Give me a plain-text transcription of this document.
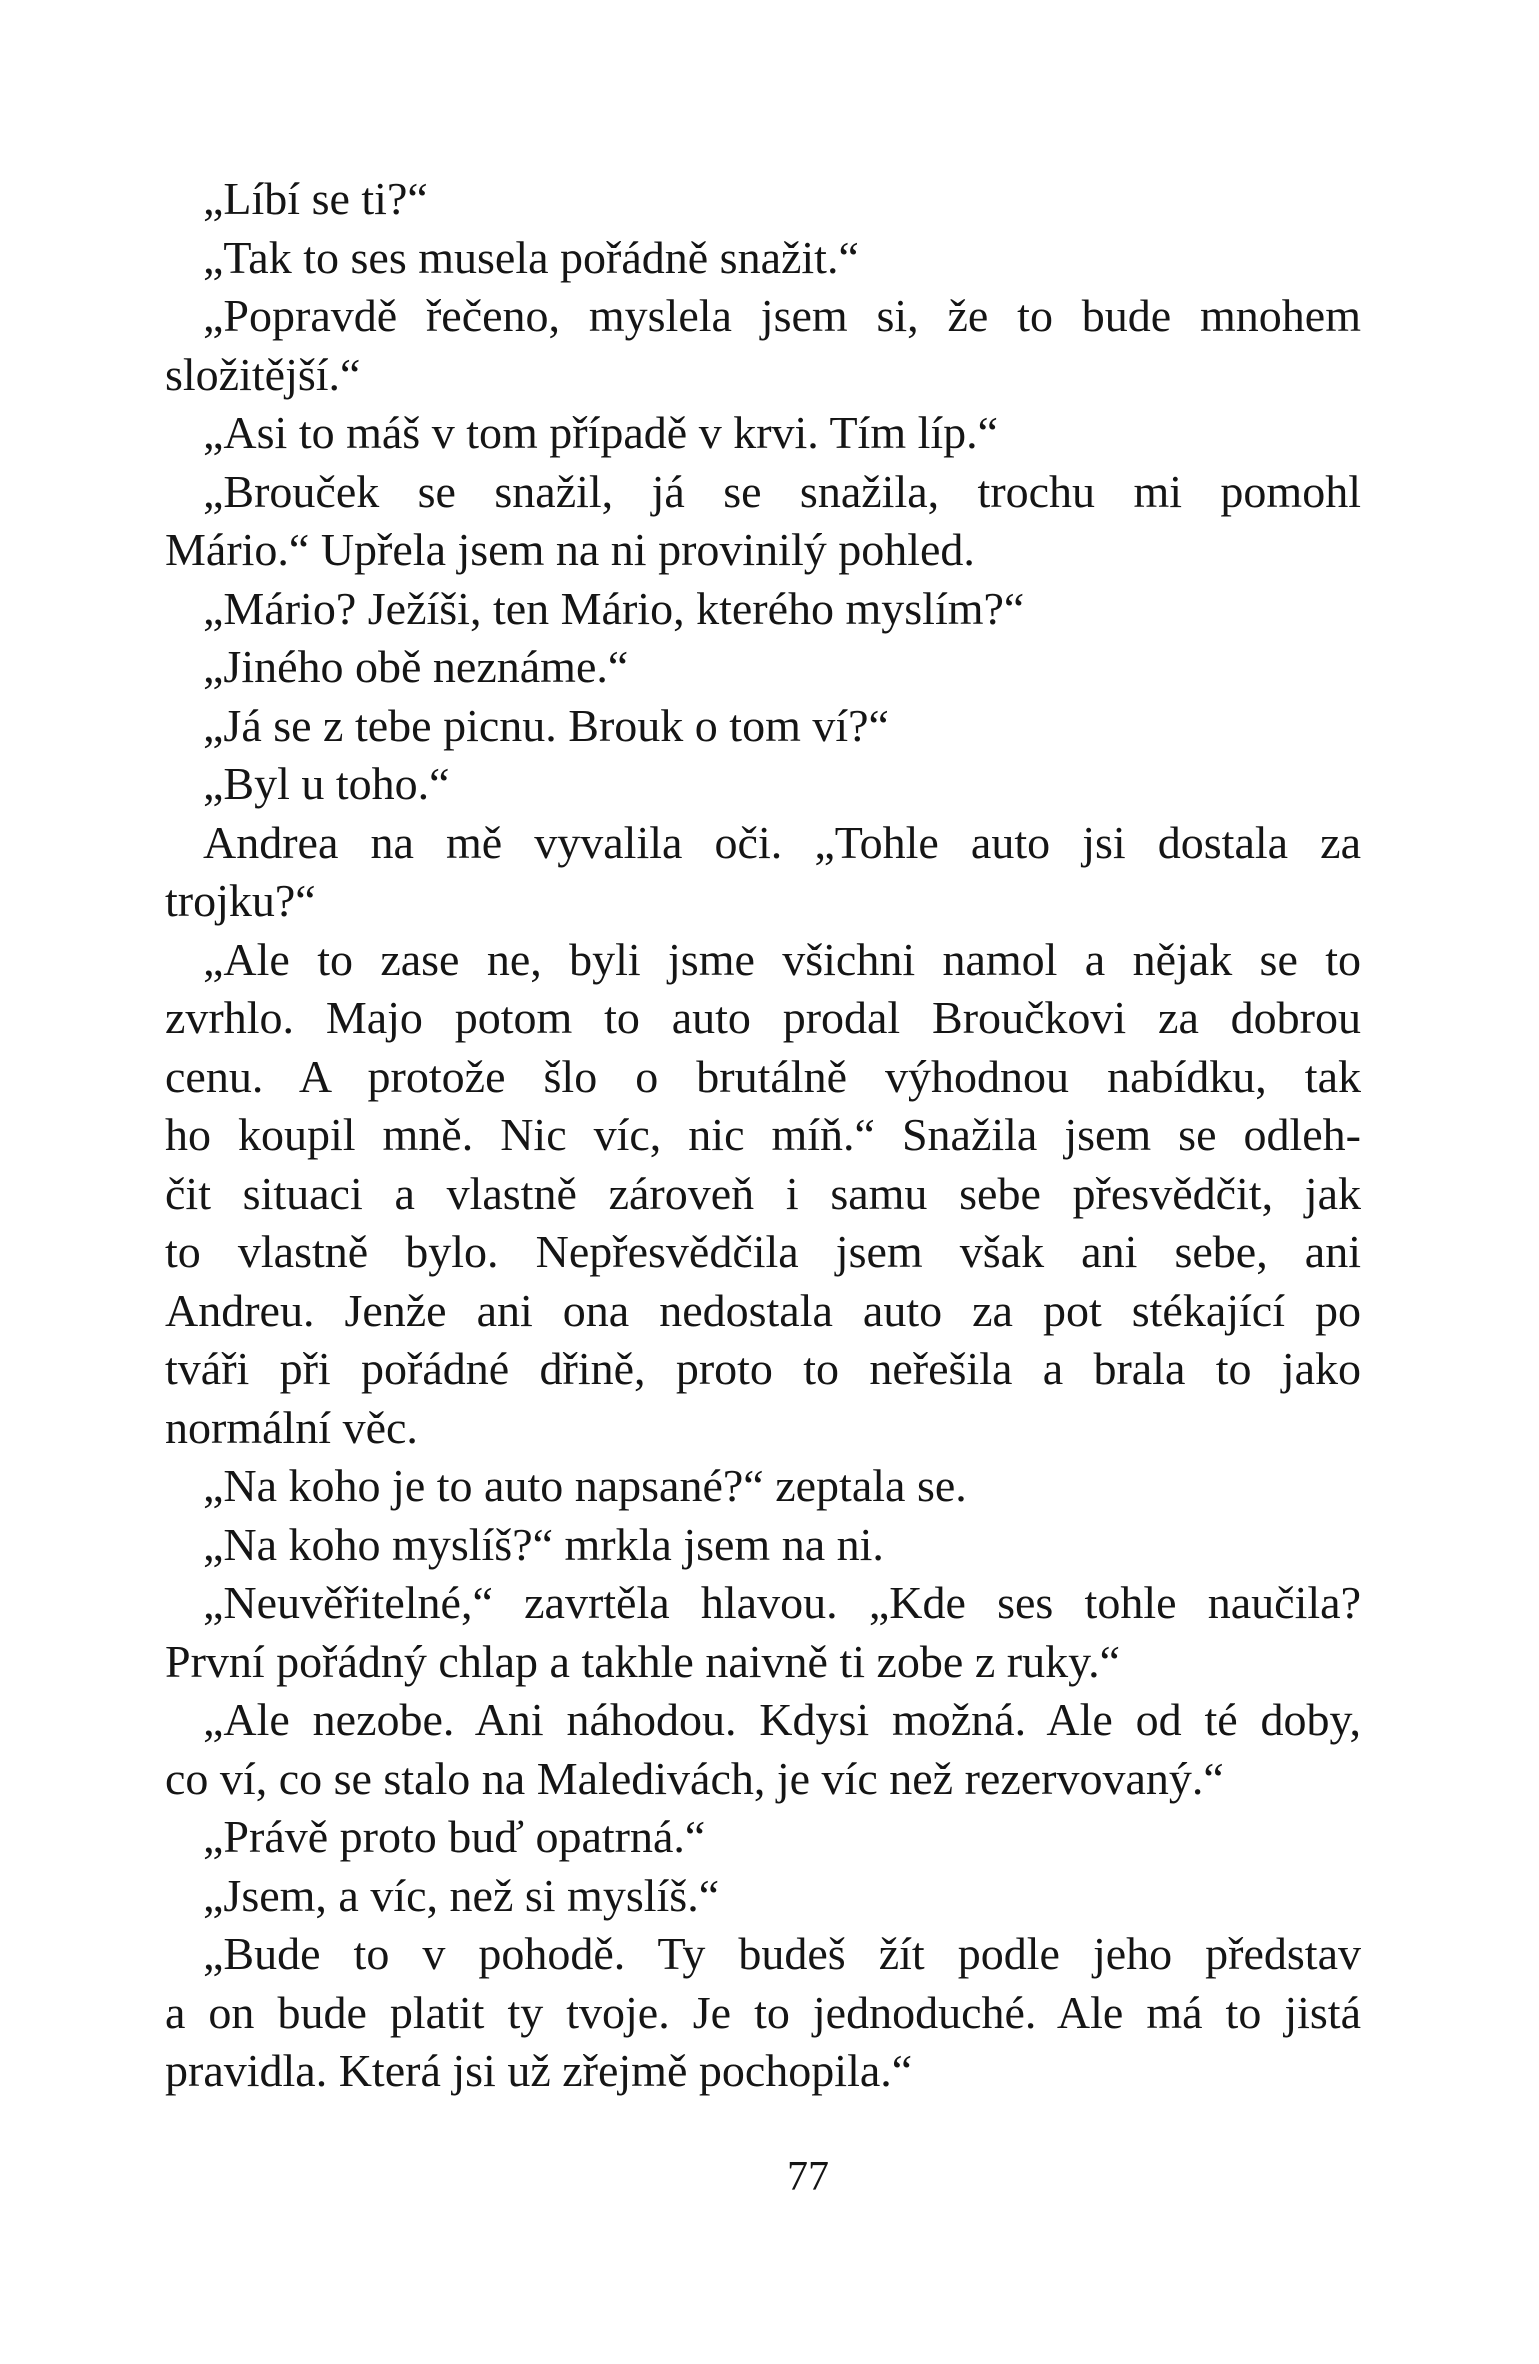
„Líbí se ti?“
„Tak to ses musela pořádně snažit.“
„Popravdě řečeno, myslela jsem si, že to bude mnohem
složitější.“
„Asi to máš v tom případě v krvi. Tím líp.“
„Brouček se snažil, já se snažila, trochu mi pomohl
Mário.“ Upřela jsem na ni provinilý pohled.
„Mário? Ježíši, ten Mário, kterého myslím?“
„Jiného obě neznáme.“
„Já se z tebe picnu. Brouk o tom ví?“
„Byl u toho.“
Andrea na mě vyvalila oči. „Tohle auto jsi dostala za
trojku?“
„Ale to zase ne, byli jsme všichni namol a nějak se to
zvrhlo. Majo potom to auto prodal Broučkovi za dobrou
cenu. A protože šlo o brutálně výhodnou nabídku, tak
ho koupil mně. Nic víc, nic míň.“ Snažila jsem se odleh-
čit situaci a vlastně zároveň i samu sebe přesvědčit, jak
to vlastně bylo. Nepřesvědčila jsem však ani sebe, ani
Andreu. Jenže ani ona nedostala auto za pot stékající po
tváři při pořádné dřině, proto to neřešila a brala to jako
normální věc.
„Na koho je to auto napsané?“ zeptala se.
„Na koho myslíš?“ mrkla jsem na ni.
„Neuvěřitelné,“ zavrtěla hlavou. „Kde ses tohle naučila?
První pořádný chlap a takhle naivně ti zobe z ruky.“
„Ale nezobe. Ani náhodou. Kdysi možná. Ale od té doby,
co ví, co se stalo na Maledivách, je víc než rezervovaný.“
„Právě proto buď opatrná.“
„Jsem, a víc, než si myslíš.“
„Bude to v pohodě. Ty budeš žít podle jeho představ
a on bude platit ty tvoje. Je to jednoduché. Ale má to jistá
pravidla. Která jsi už zřejmě pochopila.“
77
